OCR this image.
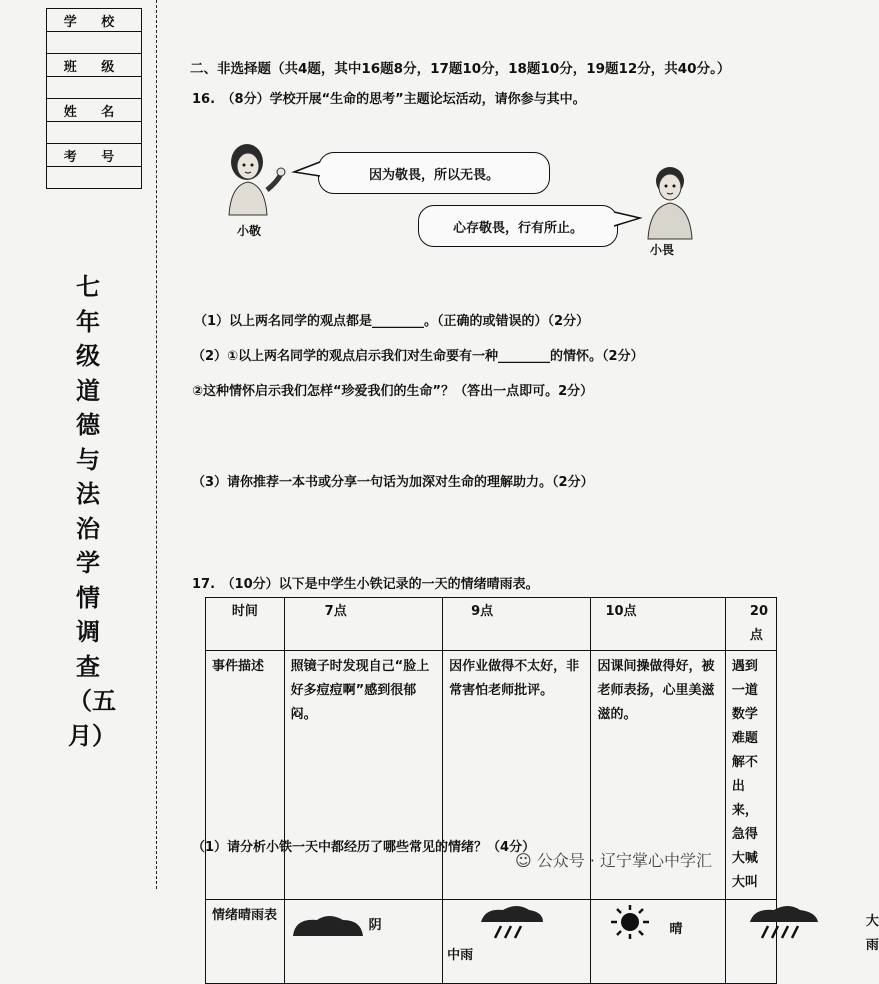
学 校
班 级
姓 名
考 号
七
年
级
道
德
与
法
治
学
情
调
查
（五
月）
二、非选择题（共4题，其中16题8分，17题10分，18题10分，19题12分，共40分。）
16.　（8分）学校开展“生命的思考”主题论坛活动，请你参与其中。
小敬
因为敬畏，所以无畏。
心存敬畏，行有所止。
小畏
（1）以上两名同学的观点都是________。（正确的或错误的）（2分）
（2）①以上两名同学的观点启示我们对生命要有一种________的情怀。（2分）
②这种情怀启示我们怎样“珍爱我们的生命”？（答出一点即可。2分）
（3）请你推荐一本书或分享一句话为加深对生命的理解助力。（2分）
17.　（10分）以下是中学生小铁记录的一天的情绪晴雨表。
时间	7点	9点	10点	20点
事件描述	照镜子时发现自己“脸上好多痘痘啊”感到很郁闷。	因作业做得不太好，非常害怕老师批评。	因课间操做得好，被老师表扬，心里美滋滋的。	遇到一道数学难题解不出来，急得大喊大叫
情绪晴雨表	阴	中雨	晴	大雨
（1）请分析小铁一天中都经历了哪些常见的情绪？（4分）
☺ 公众号 · 辽宁掌心中学汇
